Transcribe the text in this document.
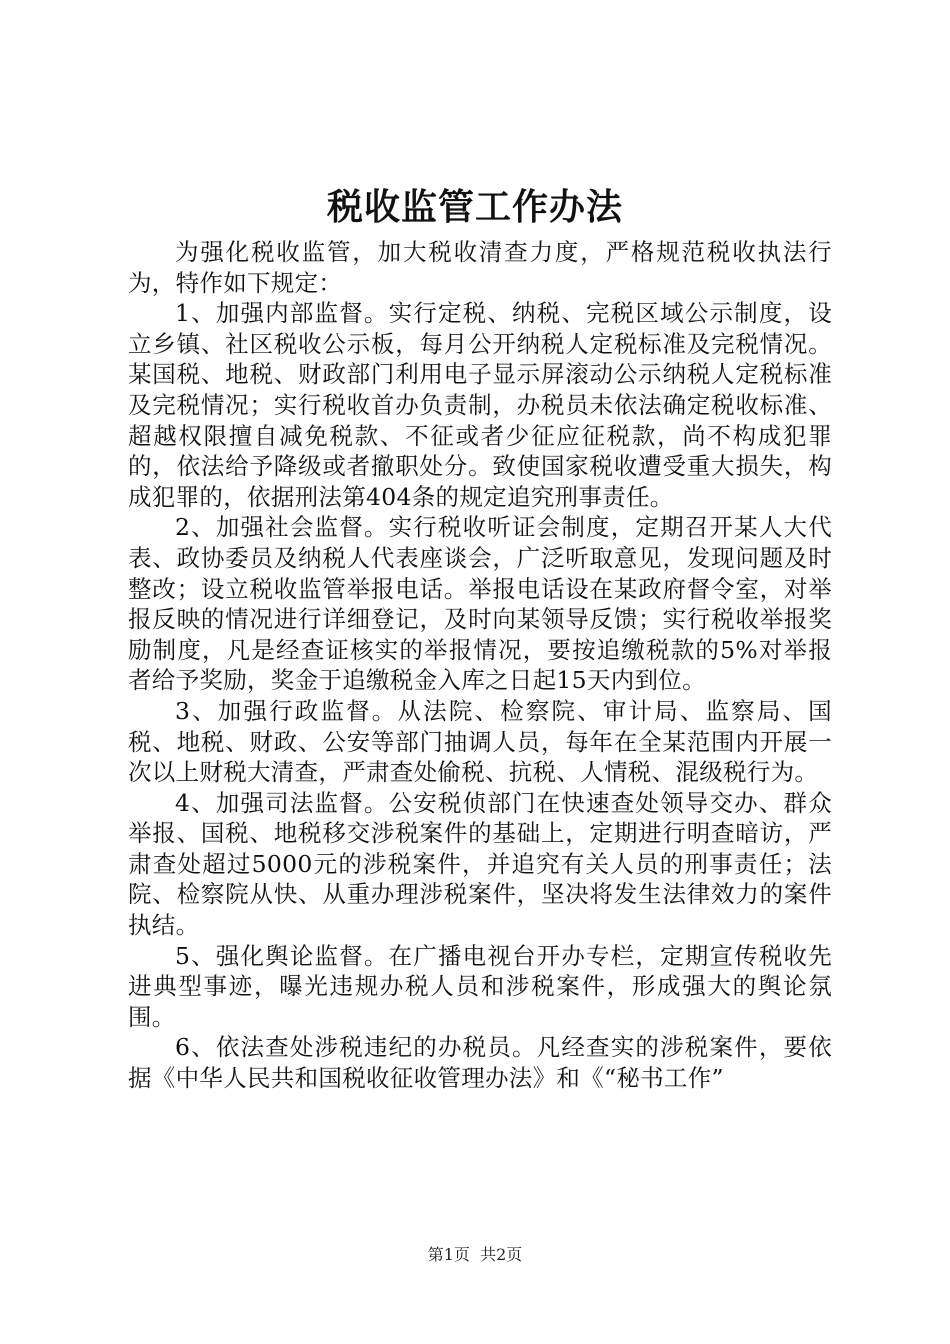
税收监管工作办法

为强化税收监管，加大税收清查力度，严格规范税收执法行为，特作如下规定：

1、加强内部监督。实行定税、纳税、完税区域公示制度，设立乡镇、社区税收公示板，每月公开纳税人定税标准及完税情况。某国税、地税、财政部门利用电子显示屏滚动公示纳税人定税标准及完税情况；实行税收首办负责制，办税员未依法确定税收标准、超越权限擅自减免税款、不征或者少征应征税款，尚不构成犯罪的，依法给予降级或者撤职处分。致使国家税收遭受重大损失，构成犯罪的，依据刑法第404条的规定追究刑事责任。

2、加强社会监督。实行税收听证会制度，定期召开某人大代表、政协委员及纳税人代表座谈会，广泛听取意见，发现问题及时整改；设立税收监管举报电话。举报电话设在某政府督令室，对举报反映的情况进行详细登记，及时向某领导反馈；实行税收举报奖励制度，凡是经查证核实的举报情况，要按追缴税款的5%对举报者给予奖励，奖金于追缴税金入库之日起15天内到位。

3、加强行政监督。从法院、检察院、审计局、监察局、国税、地税、财政、公安等部门抽调人员，每年在全某范围内开展一次以上财税大清查，严肃查处偷税、抗税、人情税、混级税行为。

4、加强司法监督。公安税侦部门在快速查处领导交办、群众举报、国税、地税移交涉税案件的基础上，定期进行明查暗访，严肃查处超过5000元的涉税案件，并追究有关人员的刑事责任；法院、检察院从快、从重办理涉税案件，坚决将发生法律效力的案件执结。

5、强化舆论监督。在广播电视台开办专栏，定期宣传税收先进典型事迹，曝光违规办税人员和涉税案件，形成强大的舆论氛围。

6、依法查处涉税违纪的办税员。凡经查实的涉税案件，要依据《中华人民共和国税收征收管理办法》和《“秘书工作”

第1页 共2页
